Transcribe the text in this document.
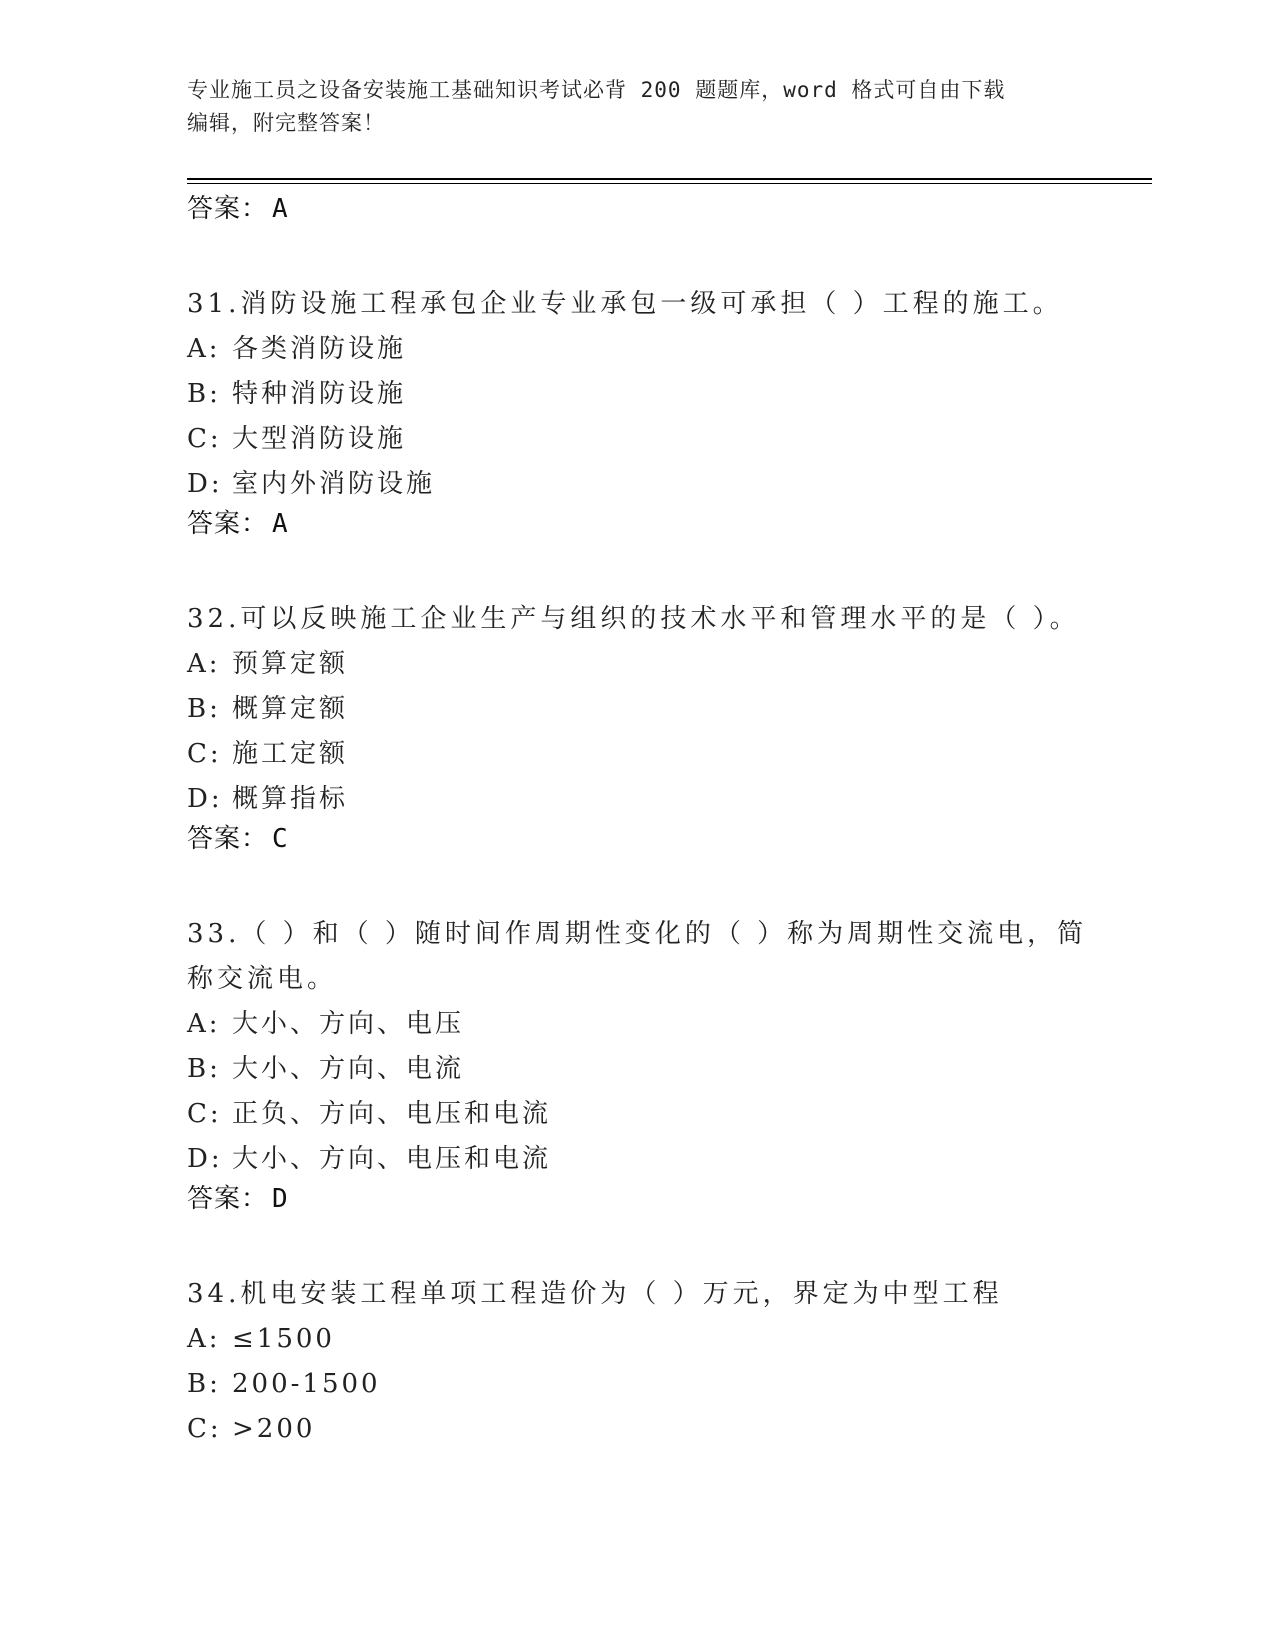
专业施工员之设备安装施工基础知识考试必背 200 题题库，word 格式可自由下载
编辑，附完整答案！

答案： A

31.消防设施工程承包企业专业承包一级可承担（ ）工程的施工。

A: 各类消防设施

B: 特种消防设施

C: 大型消防设施

D: 室内外消防设施

答案： A

32.可以反映施工企业生产与组织的技术水平和管理水平的是（ ）。

A: 预算定额

B: 概算定额

C: 施工定额

D: 概算指标

答案： C

33.（ ）和（ ）随时间作周期性变化的（ ）称为周期性交流电，简

称交流电。

A: 大小、方向、电压

B: 大小、方向、电流

C: 正负、方向、电压和电流

D: 大小、方向、电压和电流

答案： D

34.机电安装工程单项工程造价为（ ）万元，界定为中型工程

A: ≤1500

B: 200-1500

C: >200
